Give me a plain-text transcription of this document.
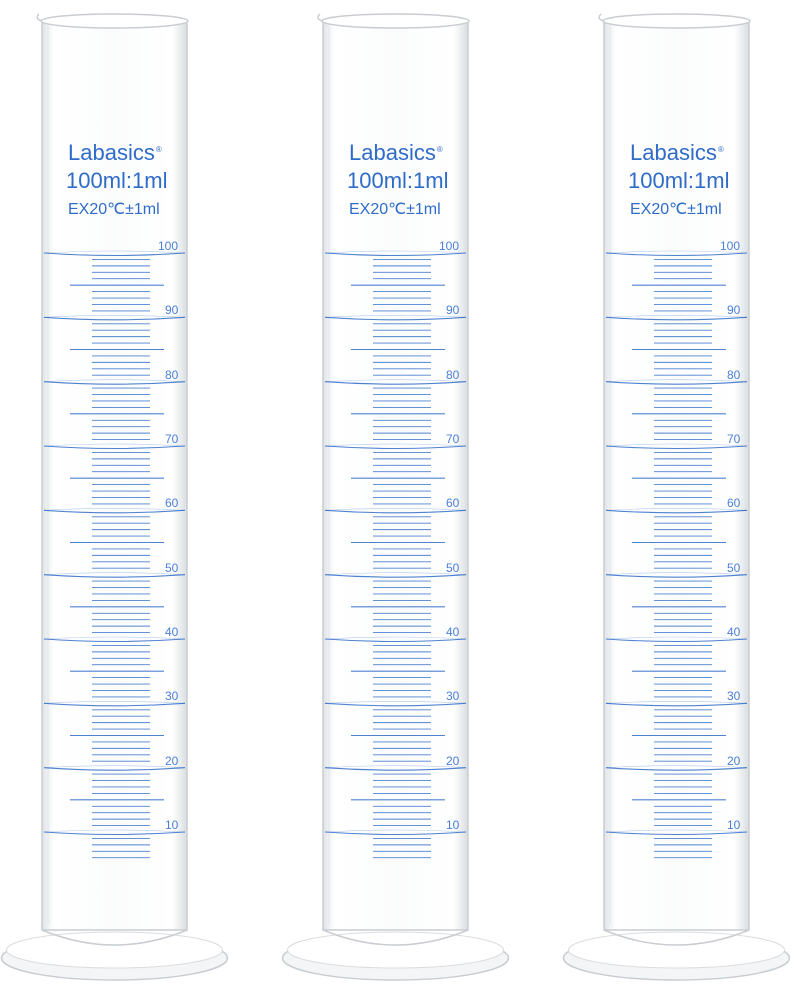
Labasics®
100ml:1ml
EX20℃±1ml
Labasics®
100ml:1ml
EX20℃±1ml
Labasics®
100ml:1ml
EX20℃±1ml
100
90
80
70
60
50
40
30
20
10
100
90
80
70
60
50
40
30
20
10
100
90
80
70
60
50
40
30
20
10
